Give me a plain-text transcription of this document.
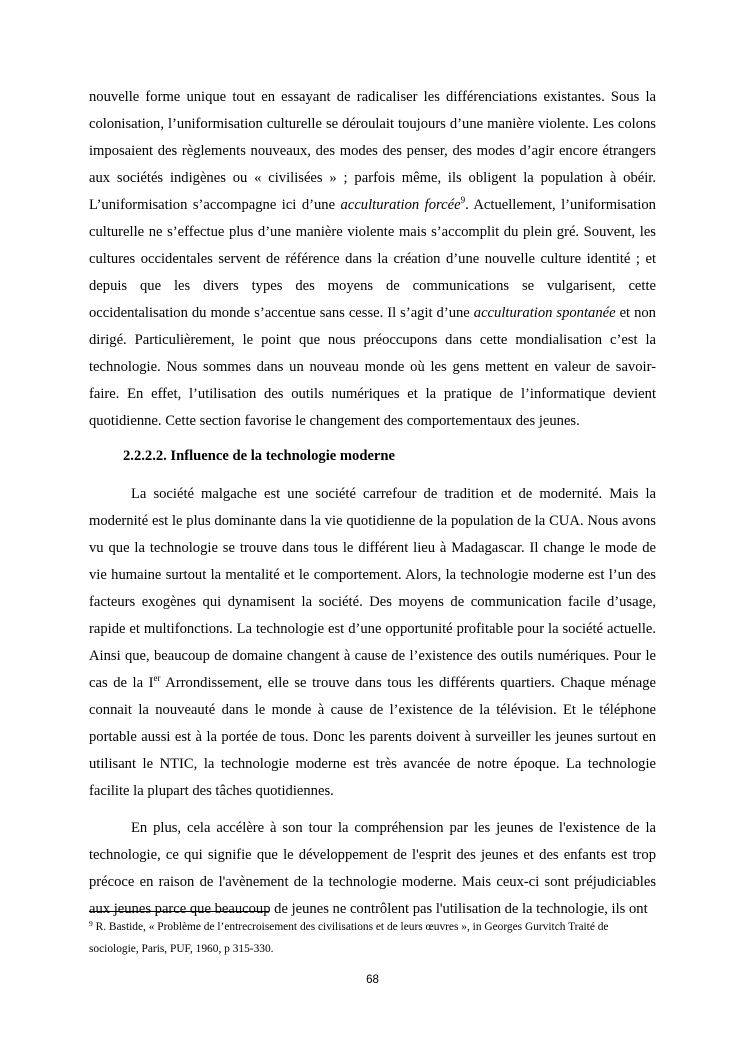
nouvelle forme unique tout en essayant de radicaliser les différenciations existantes. Sous la colonisation, l’uniformisation culturelle se déroulait toujours d’une manière violente. Les colons imposaient des règlements nouveaux, des modes des penser, des modes d’agir encore étrangers aux sociétés indigènes ou « civilisées » ; parfois même, ils obligent la population à obéir. L’uniformisation s’accompagne ici d’une acculturation forcée$^9$. Actuellement, l’uniformisation culturelle ne s’effectue plus d’une manière violente mais s’accomplit du plein gré. Souvent, les cultures occidentales servent de référence dans la création d’une nouvelle culture identité ; et depuis que les divers types des moyens de communications se vulgarisent, cette occidentalisation du monde s’accentue sans cesse. Il s’agit d’une acculturation spontanée et non dirigé. Particulièrement, le point que nous préoccupons dans cette mondialisation c’est la technologie. Nous sommes dans un nouveau monde où les gens mettent en valeur de savoir-faire. En effet, l’utilisation des outils numériques et la pratique de l’informatique devient quotidienne. Cette section favorise le changement des comportementaux des jeunes.

2.2.2.2. Influence de la technologie moderne

La société malgache est une société carrefour de tradition et de modernité. Mais la modernité est le plus dominante dans la vie quotidienne de la population de la CUA. Nous avons vu que la technologie se trouve dans tous le différent lieu à Madagascar. Il change le mode de vie humaine surtout la mentalité et le comportement. Alors, la technologie moderne est l’un des facteurs exogènes qui dynamisent la société. Des moyens de communication facile d’usage, rapide et multifonctions. La technologie est d’une opportunité profitable pour la société actuelle. Ainsi que, beaucoup de domaine changent à cause de l’existence des outils numériques. Pour le cas de la Ier Arrondissement, elle se trouve dans tous les différents quartiers. Chaque ménage connait la nouveauté dans le monde à cause de l’existence de la télévision. Et le téléphone portable aussi est à la portée de tous. Donc les parents doivent à surveiller les jeunes surtout en utilisant le NTIC, la technologie moderne est très avancée de notre époque. La technologie facilite la plupart des tâches quotidiennes.

En plus, cela accélère à son tour la compréhension par les jeunes de l'existence de la technologie, ce qui signifie que le développement de l'esprit des jeunes et des enfants est trop précoce en raison de l'avènement de la technologie moderne. Mais ceux-ci sont préjudiciables aux jeunes parce que beaucoup de jeunes ne contrôlent pas l'utilisation de la technologie, ils ont

$^9$ R. Bastide, « Problème de l’entrecroisement des civilisations et de leurs œuvres », in Georges Gurvitch Traité de sociologie, Paris, PUF, 1960, p 315-330.

68
